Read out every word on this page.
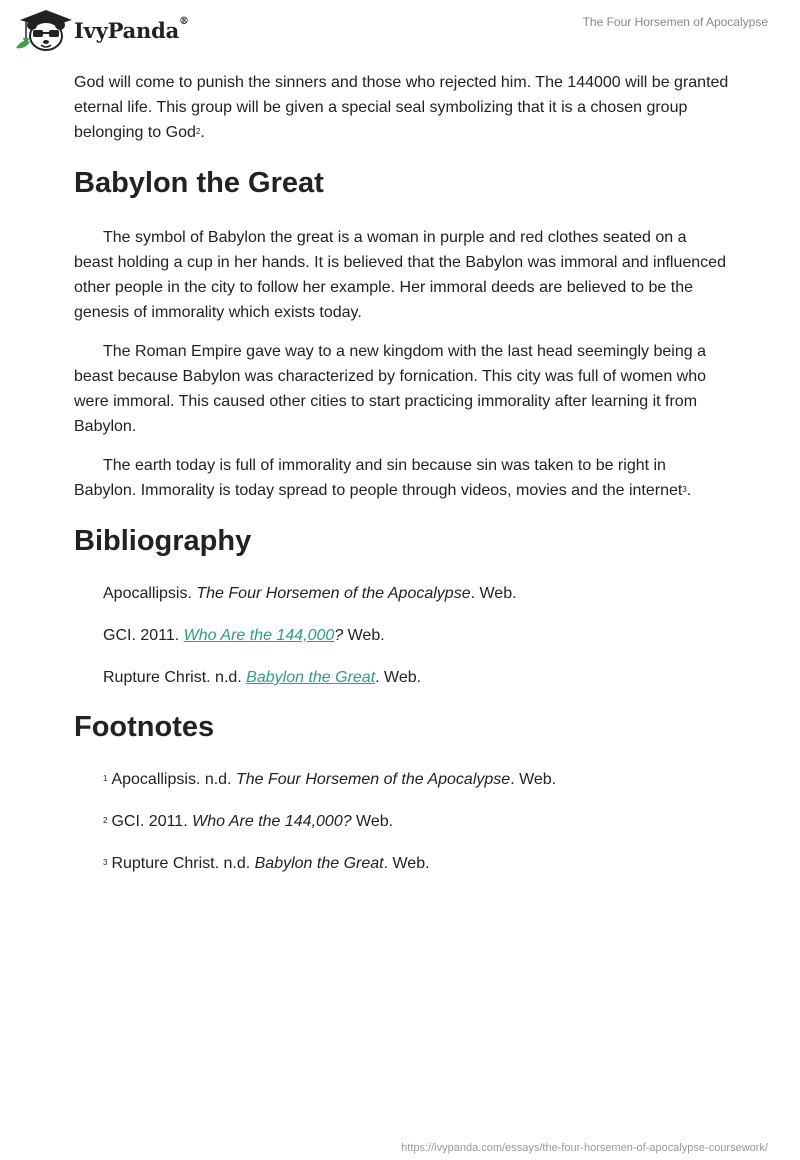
IvyPanda®	The Four Horsemen of Apocalypse

God will come to punish the sinners and those who rejected him. The 144000 will be granted eternal life. This group will be given a special seal symbolizing that it is a chosen group belonging to God$^2$.

Babylon the Great

The symbol of Babylon the great is a woman in purple and red clothes seated on a beast holding a cup in her hands. It is believed that the Babylon was immoral and influenced other people in the city to follow her example. Her immoral deeds are believed to be the genesis of immorality which exists today.

The Roman Empire gave way to a new kingdom with the last head seemingly being a beast because Babylon was characterized by fornication. This city was full of women who were immoral. This caused other cities to start practicing immorality after learning it from Babylon.

The earth today is full of immorality and sin because sin was taken to be right in Babylon. Immorality is today spread to people through videos, movies and the internet$^3$.

Bibliography

Apocallipsis. The Four Horsemen of the Apocalypse. Web.

GCI. 2011. Who Are the 144,000? Web.

Rupture Christ. n.d. Babylon the Great. Web.

Footnotes

$^1$ Apocallipsis. n.d. The Four Horsemen of the Apocalypse. Web.

$^2$ GCI. 2011. Who Are the 144,000? Web.

$^3$ Rupture Christ. n.d. Babylon the Great. Web.

https://ivypanda.com/essays/the-four-horsemen-of-apocalypse-coursework/
